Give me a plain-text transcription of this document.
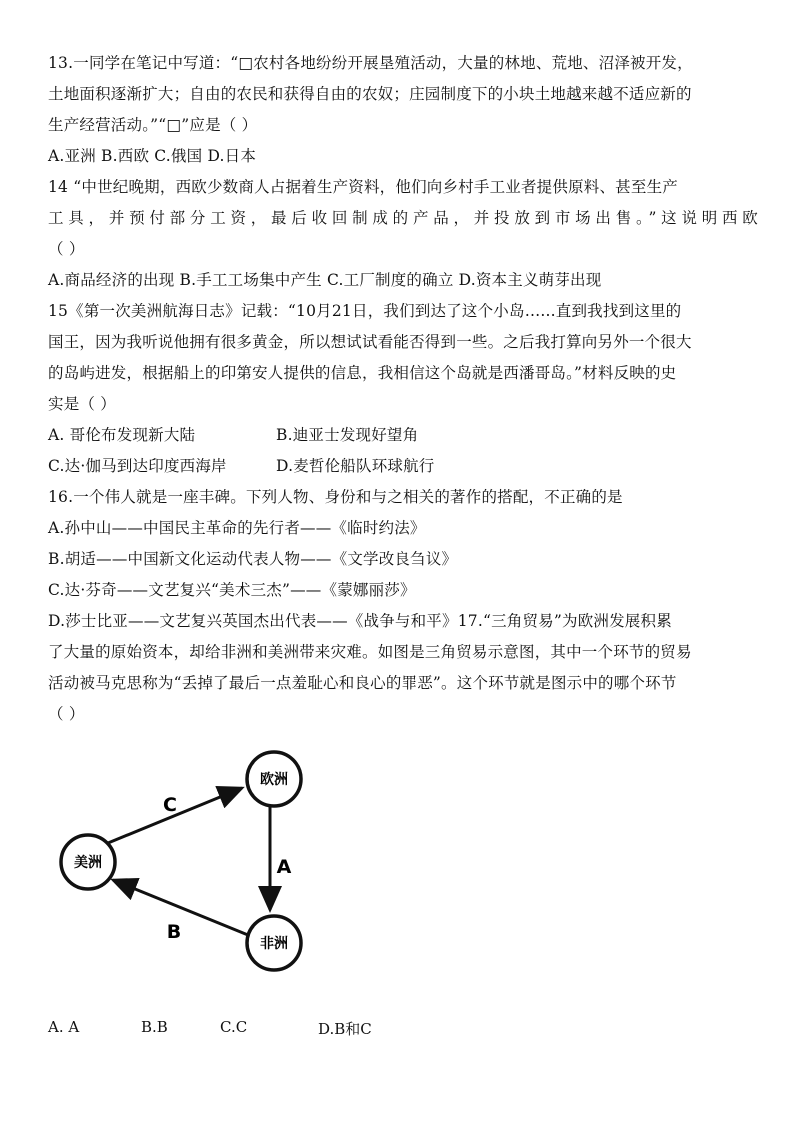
13.一同学在笔记中写道：“□农村各地纷纷开展垦殖活动，大量的林地、荒地、沼泽被开发，
土地面积逐渐扩大；自由的农民和获得自由的农奴；庄园制度下的小块土地越来越不适应新的
生产经营活动。”“□”应是（ ）
A.亚洲 B.西欧 C.俄国 D.日本
14 “中世纪晚期，西欧少数商人占据着生产资料，他们向乡村手工业者提供原料、甚至生产
工具，并预付部分工资，最后收回制成的产品，并投放到市场出售。”这说明西欧
（ ）
A.商品经济的出现 B.手工工场集中产生 C.工厂制度的确立 D.资本主义萌芽出现
15《第一次美洲航海日志》记载：“10月21日，我们到达了这个小岛…...直到我找到这里的
国王，因为我听说他拥有很多黄金，所以想试试看能否得到一些。之后我打算向另外一个很大
的岛屿进发，根据船上的印第安人提供的信息，我相信这个岛就是西潘哥岛。”材料反映的史
实是（ ）
A. 哥伦布发现新大陆	B.迪亚士发现好望角
C.达·伽马到达印度西海岸	D.麦哲伦船队环球航行
16.一个伟人就是一座丰碑。下列人物、身份和与之相关的著作的搭配，不正确的是
A.孙中山——中国民主革命的先行者——《临时约法》
B.胡适——中国新文化运动代表人物——《文学改良刍议》
C.达·芬奇——文艺复兴“美术三杰”——《蒙娜丽莎》
D.莎士比亚——文艺复兴英国杰出代表——《战争与和平》17.“三角贸易”为欧洲发展积累
了大量的原始资本，却给非洲和美洲带来灾难。如图是三角贸易示意图，其中一个环节的贸易
活动被马克思称为“丢掉了最后一点羞耻心和良心的罪恶”。这个环节就是图示中的哪个环节
（ ）
欧洲
美洲
非洲
C
A
B
A. A	B.B	C.C	D.B和C
